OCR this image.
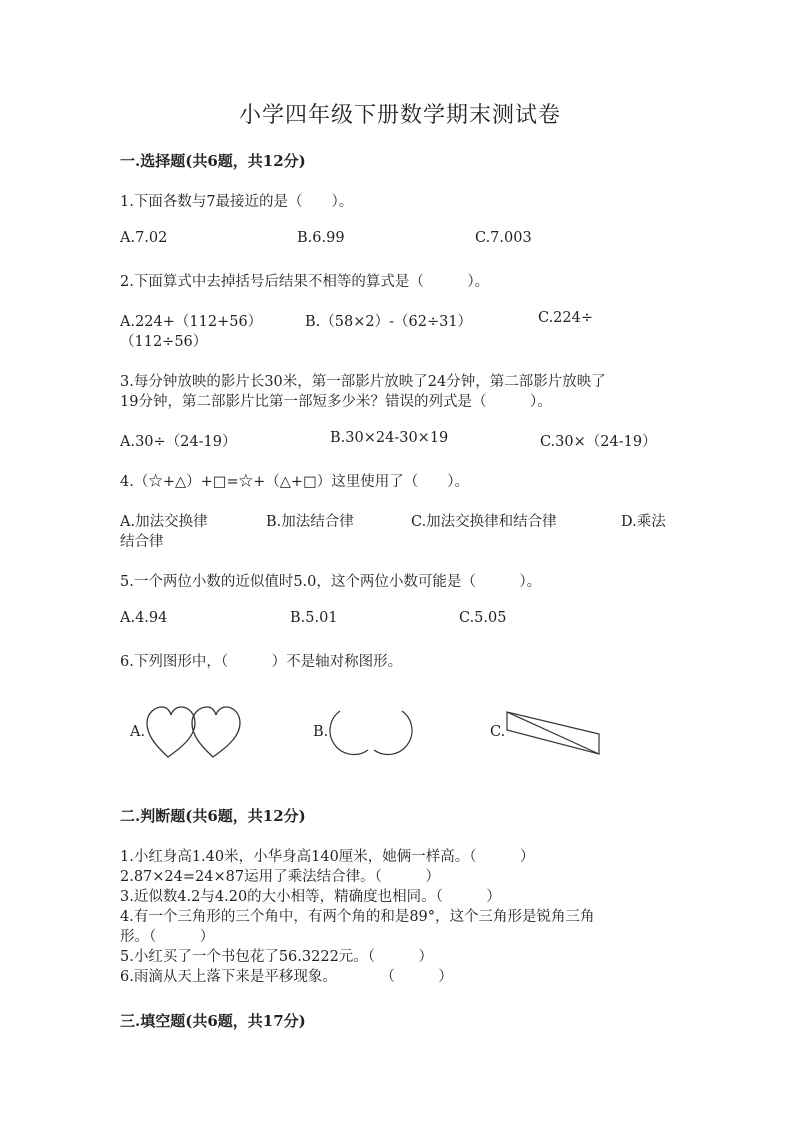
小学四年级下册数学期末测试卷
一.选择题(共6题，共12分)
1.下面各数与7最接近的是（　　）。
A.7.02	B.6.99	C.7.003
2.下面算式中去掉括号后结果不相等的算式是（　　　）。
A.224+（112+56）	B.（58×2）-（62÷31）	C.224÷
（112÷56）
3.每分钟放映的影片长30米，第一部影片放映了24分钟，第二部影片放映了
19分钟，第二部影片比第一部短多少米？错误的列式是（　　　）。
A.30÷（24-19）	B.30×24-30×19	C.30×（24-19）
4.（☆+△）+□=☆+（△+□）这里使用了（　　）。
A.加法交换律	B.加法结合律	C.加法交换律和结合律	D.乘法
结合律
5.一个两位小数的近似值时5.0，这个两位小数可能是（　　　）。
A.4.94	B.5.01	C.5.05
6.下列图形中，（　　　）不是轴对称图形。
A.	B.	C.
二.判断题(共6题，共12分)
1.小红身高1.40米，小华身高140厘米，她俩一样高。（　　　）
2.87×24=24×87运用了乘法结合律。（　　　）
3.近似数4.2与4.20的大小相等，精确度也相同。（　　　）
4.有一个三角形的三个角中，有两个角的和是89°，这个三角形是锐角三角
形。（　　　）
5.小红买了一个书包花了56.3222元。（　　　）
6.雨滴从天上落下来是平移现象。　　　　（　　　）
三.填空题(共6题，共17分)
